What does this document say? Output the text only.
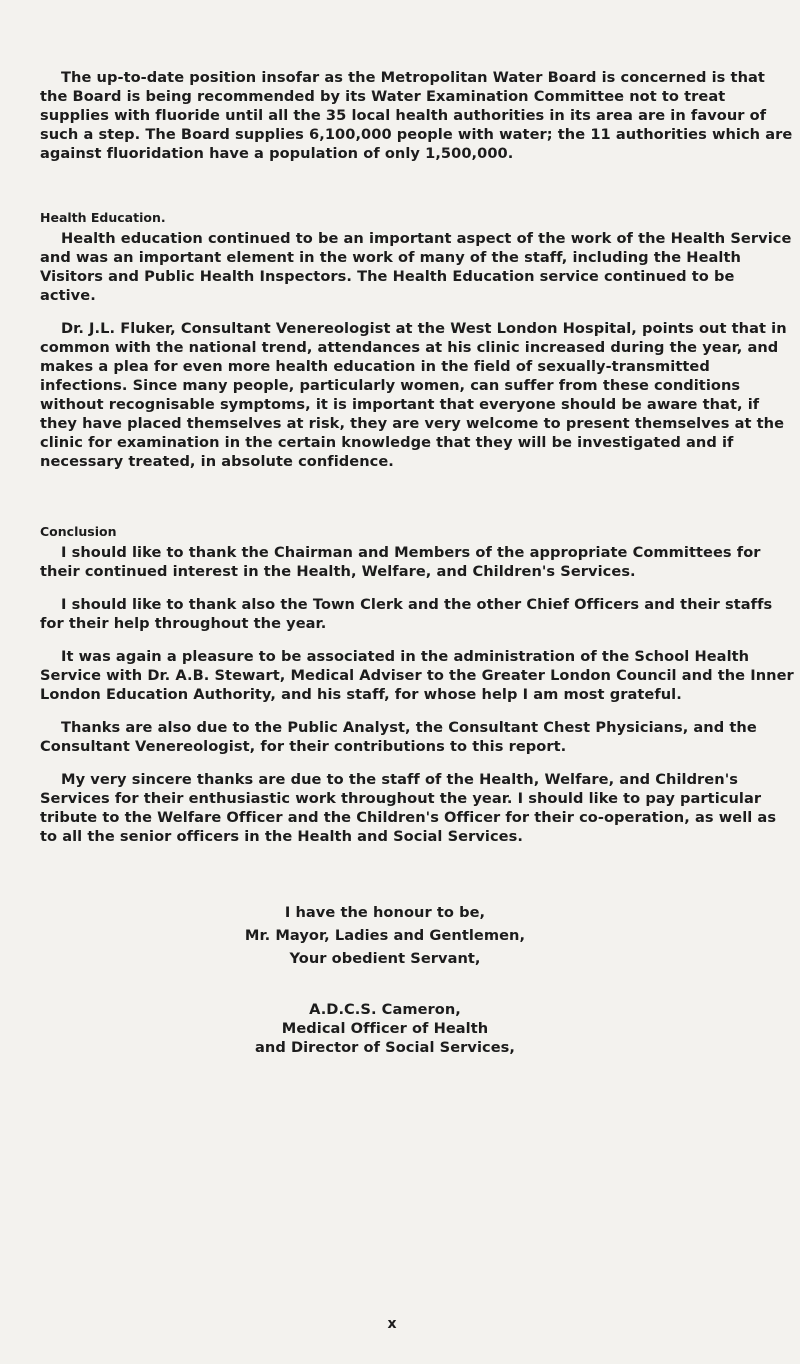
The up-to-date position insofar as the Metropolitan Water Board is concerned is that the Board is being recommended by its Water Examination Committee not to treat supplies with fluoride until all the 35 local health authorities in its area are in favour of such a step. The Board supplies 6,100,000 people with water; the 11 authorities which are against fluoridation have a population of only 1,500,000.

Health Education.

Health education continued to be an important aspect of the work of the Health Service and was an important element in the work of many of the staff, including the Health Visitors and Public Health Inspectors. The Health Education service continued to be active.

Dr. J.L. Fluker, Consultant Venereologist at the West London Hospital, points out that in common with the national trend, attendances at his clinic increased during the year, and makes a plea for even more health education in the field of sexually-transmitted infections. Since many people, particularly women, can suffer from these conditions without recognisable symptoms, it is important that everyone should be aware that, if they have placed themselves at risk, they are very welcome to present themselves at the clinic for examination in the certain knowledge that they will be investigated and if necessary treated, in absolute confidence.

Conclusion

I should like to thank the Chairman and Members of the appropriate Committees for their continued interest in the Health, Welfare, and Children's Services.

I should like to thank also the Town Clerk and the other Chief Officers and their staffs for their help throughout the year.

It was again a pleasure to be associated in the administration of the School Health Service with Dr. A.B. Stewart, Medical Adviser to the Greater London Council and the Inner London Education Authority, and his staff, for whose help I am most grateful.

Thanks are also due to the Public Analyst, the Consultant Chest Physicians, and the Consultant Venereologist, for their contributions to this report.

My very sincere thanks are due to the staff of the Health, Welfare, and Children's Services for their enthusiastic work throughout the year. I should like to pay particular tribute to the Welfare Officer and the Children's Officer for their co-operation, as well as to all the senior officers in the Health and Social Services.

I have the honour to be,

Mr. Mayor, Ladies and Gentlemen,

Your obedient Servant,

A.D.C.S. Cameron,

Medical Officer of Health

and Director of Social Services,

x
